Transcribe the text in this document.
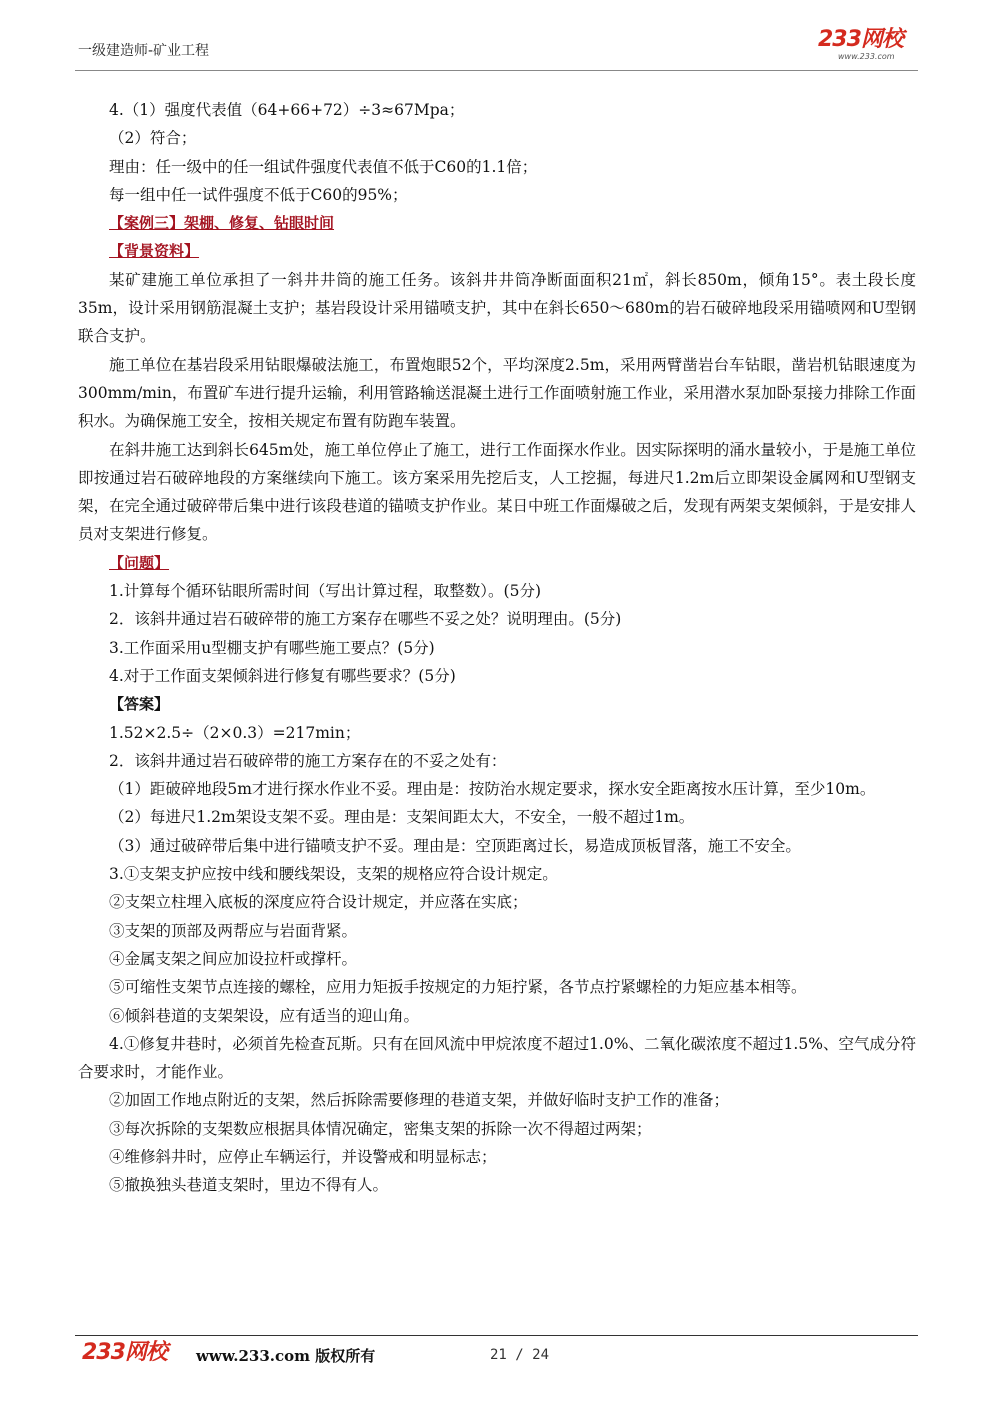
一级建造师-矿业工程	233网校
www.233.com

4.（1）强度代表值（64+66+72）÷3≈67Mpa；

（2）符合；

理由：任一级中的任一组试件强度代表值不低于C60的1.1倍；

每一组中任一试件强度不低于C60的95%；

【案例三】架棚、修复、钻眼时间

【背景资料】

某矿建施工单位承担了一斜井井筒的施工任务。该斜井井筒净断面面积21㎡，斜长850m，倾角15°。表土段长度35m，设计采用钢筋混凝土支护；基岩段设计采用锚喷支护，其中在斜长650～680m的岩石破碎地段采用锚喷网和U型钢联合支护。

施工单位在基岩段采用钻眼爆破法施工，布置炮眼52个，平均深度2.5m，采用两臂凿岩台车钻眼，凿岩机钻眼速度为300mm/min，布置矿车进行提升运输，利用管路输送混凝土进行工作面喷射施工作业，采用潜水泵加卧泵接力排除工作面积水。为确保施工安全，按相关规定布置有防跑车装置。

在斜井施工达到斜长645m处，施工单位停止了施工，进行工作面探水作业。因实际探明的涌水量较小，于是施工单位即按通过岩石破碎地段的方案继续向下施工。该方案采用先挖后支，人工挖掘，每进尺1.2m后立即架设金属网和U型钢支架，在完全通过破碎带后集中进行该段巷道的锚喷支护作业。某日中班工作面爆破之后，发现有两架支架倾斜，于是安排人员对支架进行修复。

【问题】

1.计算每个循环钻眼所需时间（写出计算过程，取整数）。(5分)

2．该斜井通过岩石破碎带的施工方案存在哪些不妥之处？说明理由。(5分)

3.工作面采用u型棚支护有哪些施工要点？(5分)

4.对于工作面支架倾斜进行修复有哪些要求？(5分)

【答案】

1.52×2.5÷（2×0.3）=217min；

2．该斜井通过岩石破碎带的施工方案存在的不妥之处有：

（1）距破碎地段5m才进行探水作业不妥。理由是：按防治水规定要求，探水安全距离按水压计算，至少10m。

（2）每进尺1.2m架设支架不妥。理由是：支架间距太大，不安全，一般不超过1m。

（3）通过破碎带后集中进行锚喷支护不妥。理由是：空顶距离过长，易造成顶板冒落，施工不安全。

3.①支架支护应按中线和腰线架设，支架的规格应符合设计规定。

②支架立柱埋入底板的深度应符合设计规定，并应落在实底；

③支架的顶部及两帮应与岩面背紧。

④金属支架之间应加设拉杆或撑杆。

⑤可缩性支架节点连接的螺栓，应用力矩扳手按规定的力矩拧紧，各节点拧紧螺栓的力矩应基本相等。

⑥倾斜巷道的支架架设，应有适当的迎山角。

4.①修复井巷时，必须首先检查瓦斯。只有在回风流中甲烷浓度不超过1.0%、二氧化碳浓度不超过1.5%、空气成分符合要求时，才能作业。

②加固工作地点附近的支架，然后拆除需要修理的巷道支架，并做好临时支护工作的准备；

③每次拆除的支架数应根据具体情况确定，密集支架的拆除一次不得超过两架；

④维修斜井时，应停止车辆运行，并设警戒和明显标志；

⑤撤换独头巷道支架时，里边不得有人。

233网校 www.233.com 版权所有	21 / 24
